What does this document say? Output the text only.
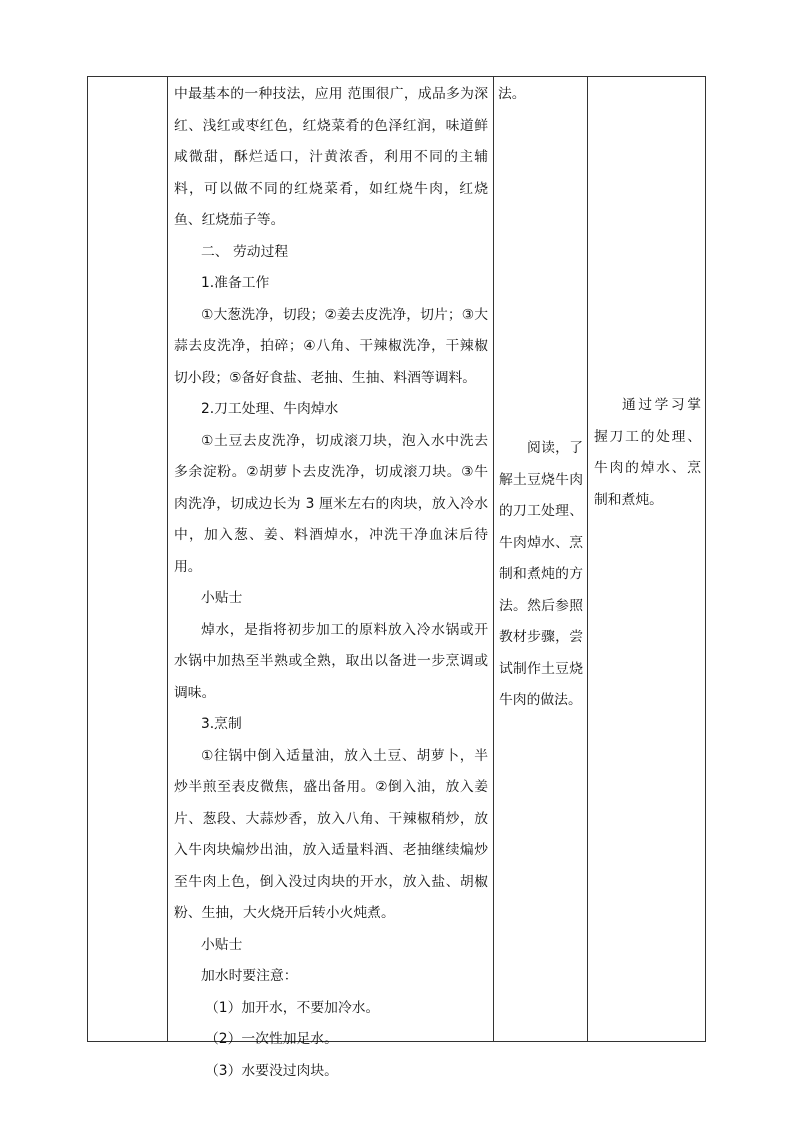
中最基本的一种技法，应用 范围很广，成品多为深红、浅红或枣红色，红烧菜肴的色泽红润，味道鲜咸微甜，酥烂适口，汁黄浓香，利用不同的主辅料，可以做不同的红烧菜肴，如红烧牛肉，红烧鱼、红烧茄子等。

二、 劳动过程

1.准备工作

①大葱洗净，切段；②姜去皮洗净，切片；③大蒜去皮洗净，拍碎；④八角、干辣椒洗净，干辣椒切小段；⑤备好食盐、老抽、生抽、料酒等调料。

2.刀工处理、牛肉焯水

①土豆去皮洗净，切成滚刀块，泡入水中洗去多余淀粉。②胡萝卜去皮洗净，切成滚刀块。③牛肉洗净，切成边长为 3 厘米左右的肉块，放入冷水中，加入葱、姜、料酒焯水，冲洗干净血沫后待用。

小贴士

焯水，是指将初步加工的原料放入冷水锅或开水锅中加热至半熟或全熟，取出以备进一步烹调或调味。

3.烹制

①往锅中倒入适量油，放入土豆、胡萝卜，半炒半煎至表皮微焦，盛出备用。②倒入油，放入姜片、葱段、大蒜炒香，放入八角、干辣椒稍炒，放入牛肉块煸炒出油，放入适量料酒、老抽继续煸炒至牛肉上色，倒入没过肉块的开水，放入盐、胡椒粉、生抽，大火烧开后转小火炖煮。

小贴士

加水时要注意：

（1）加开水，不要加冷水。

（2）一次性加足水。

（3）水要没过肉块。

法。

阅读，了解土豆烧牛肉的刀工处理、牛肉焯水、烹制和煮炖的方法。然后参照教材步骤，尝试制作土豆烧牛肉的做法。

通过学习掌握刀工的处理、牛肉的焯水、烹制和煮炖。
